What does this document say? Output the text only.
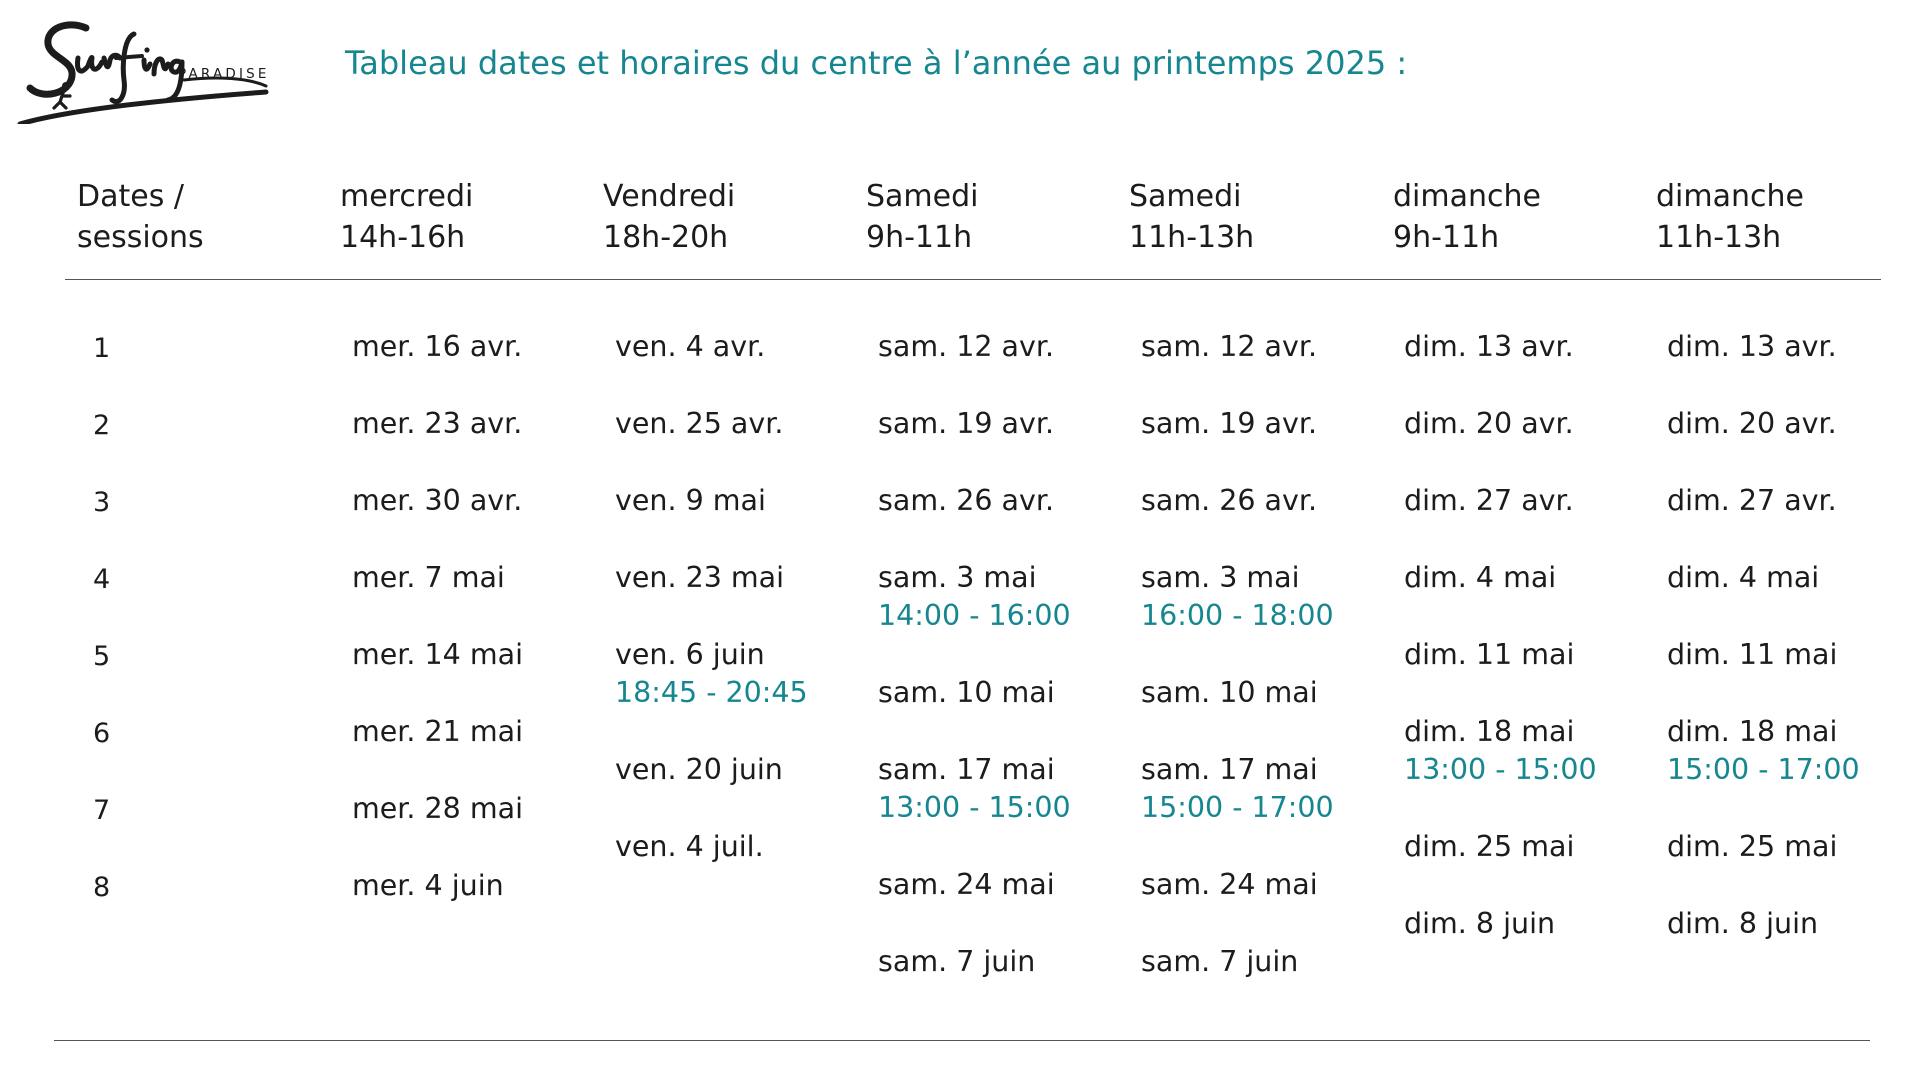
PARADISE Tableau dates et horaires du centre à l’année au printemps 2025 :
Dates /
sessions
mercredi
14h-16h
Vendredi
18h-20h
Samedi
9h-11h
Samedi
11h-13h
dimanche
9h-11h
dimanche
11h-13h
1
2
3
4
5
6
7
8
mer. 16 avr.
mer. 23 avr.
mer. 30 avr.
mer. 7 mai
mer. 14 mai
mer. 21 mai
mer. 28 mai
mer. 4 juin
ven. 4 avr.
ven. 25 avr.
ven. 9 mai
ven. 23 mai
ven. 6 juin
18:45 - 20:45
ven. 20 juin
ven. 4 juil.
sam. 12 avr.
sam. 19 avr.
sam. 26 avr.
sam. 3 mai
14:00 - 16:00
sam. 10 mai
sam. 17 mai
13:00 - 15:00
sam. 24 mai
sam. 7 juin
sam. 12 avr.
sam. 19 avr.
sam. 26 avr.
sam. 3 mai
16:00 - 18:00
sam. 10 mai
sam. 17 mai
15:00 - 17:00
sam. 24 mai
sam. 7 juin
dim. 13 avr.
dim. 20 avr.
dim. 27 avr.
dim. 4 mai
dim. 11 mai
dim. 18 mai
13:00 - 15:00
dim. 25 mai
dim. 8 juin
dim. 13 avr.
dim. 20 avr.
dim. 27 avr.
dim. 4 mai
dim. 11 mai
dim. 18 mai
15:00 - 17:00
dim. 25 mai
dim. 8 juin
